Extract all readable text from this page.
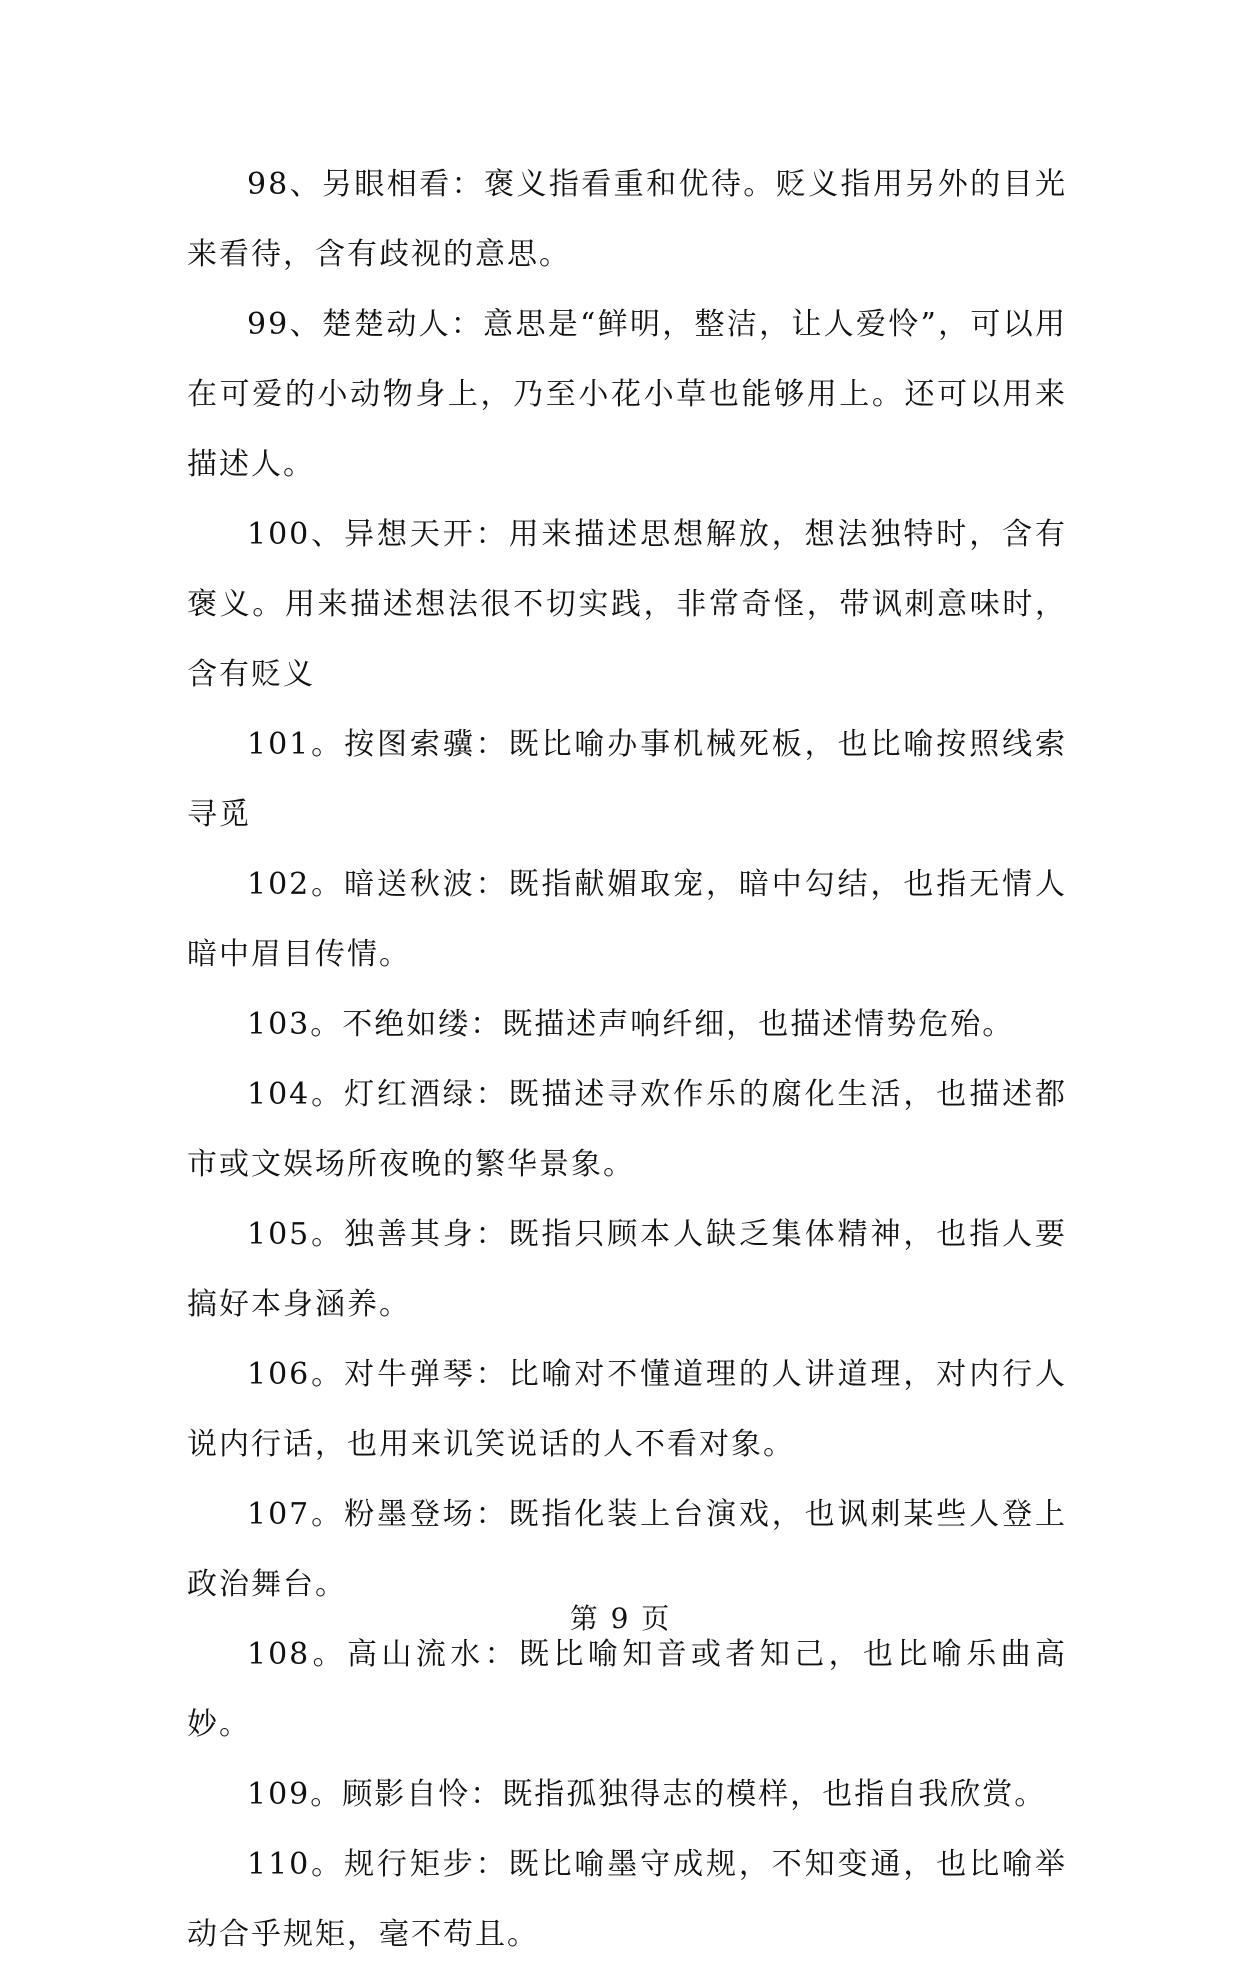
98、另眼相看：褒义指看重和优待。贬义指用另外的目光来看待，含有歧视的意思。

99、楚楚动人：意思是“鲜明，整洁，让人爱怜”，可以用在可爱的小动物身上，乃至小花小草也能够用上。还可以用来描述人。

100、异想天开：用来描述思想解放，想法独特时，含有褒义。用来描述想法很不切实践，非常奇怪，带讽刺意味时，含有贬义

101。按图索骥：既比喻办事机械死板，也比喻按照线索寻觅

102。暗送秋波：既指献媚取宠，暗中勾结，也指无情人暗中眉目传情。

103。不绝如缕：既描述声响纤细，也描述情势危殆。

104。灯红酒绿：既描述寻欢作乐的腐化生活，也描述都市或文娱场所夜晚的繁华景象。

105。独善其身：既指只顾本人缺乏集体精神，也指人要搞好本身涵养。

106。对牛弹琴：比喻对不懂道理的人讲道理，对内行人说内行话，也用来讥笑说话的人不看对象。

107。粉墨登场：既指化装上台演戏，也讽刺某些人登上政治舞台。

108。高山流水：既比喻知音或者知己，也比喻乐曲高妙。

109。顾影自怜：既指孤独得志的模样，也指自我欣赏。

110。规行矩步：既比喻墨守成规，不知变通，也比喻举动合乎规矩，毫不苟且。

第 9 页
